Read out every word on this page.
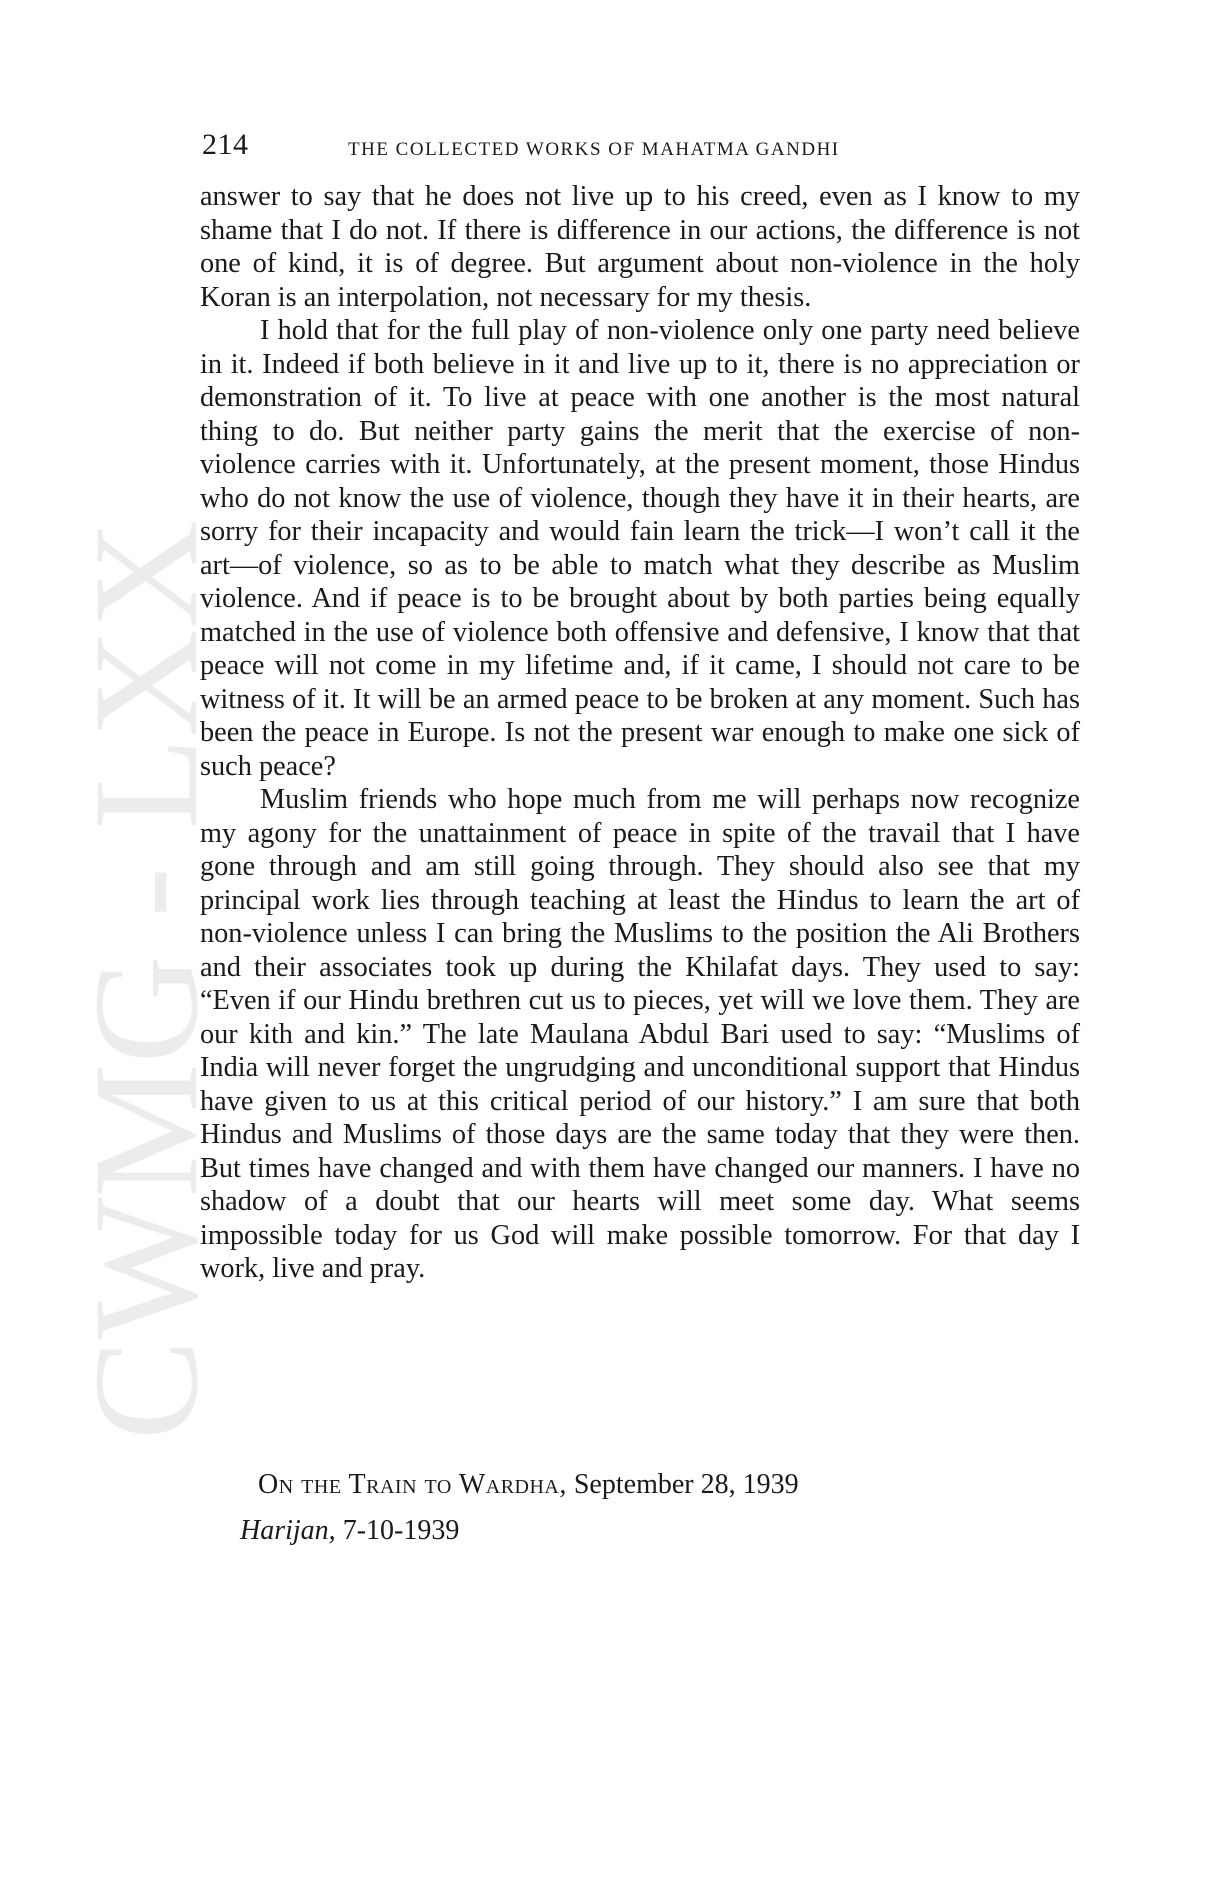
CWMG - LXX
214	THE COLLECTED WORKS OF MAHATMA GANDHI

answer to say that he does not live up to his creed, even as I know to my shame that I do not. If there is difference in our actions, the difference is not one of kind, it is of degree. But argument about non-violence in the holy Koran is an interpolation, not necessary for my thesis.

I hold that for the full play of non-violence only one party need believe in it. Indeed if both believe in it and live up to it, there is no appreciation or demonstration of it. To live at peace with one another is the most natural thing to do. But neither party gains the merit that the exercise of non-violence carries with it. Unfortunately, at the present moment, those Hindus who do not know the use of violence, though they have it in their hearts, are sorry for their incapacity and would fain learn the trick—I won’t call it the art—of violence, so as to be able to match what they describe as Muslim violence. And if peace is to be brought about by both parties being equally matched in the use of violence both offensive and defensive, I know that that peace will not come in my lifetime and, if it came, I should not care to be witness of it. It will be an armed peace to be broken at any moment. Such has been the peace in Europe. Is not the present war enough to make one sick of such peace?

Muslim friends who hope much from me will perhaps now recognize my agony for the unattainment of peace in spite of the travail that I have gone through and am still going through. They should also see that my principal work lies through teaching at least the Hindus to learn the art of non-violence unless I can bring the Muslims to the position the Ali Brothers and their associates took up during the Khilafat days. They used to say: “Even if our Hindu brethren cut us to pieces, yet will we love them. They are our kith and kin.” The late Maulana Abdul Bari used to say: “Muslims of India will never forget the ungrudging and unconditional support that Hindus have given to us at this critical period of our history.” I am sure that both Hindus and Muslims of those days are the same today that they were then. But times have changed and with them have changed our manners. I have no shadow of a doubt that our hearts will meet some day. What seems impossible today for us God will make possible tomorrow. For that day I work, live and pray.

On the Train to Wardha, September 28, 1939
Harijan, 7-10-1939
